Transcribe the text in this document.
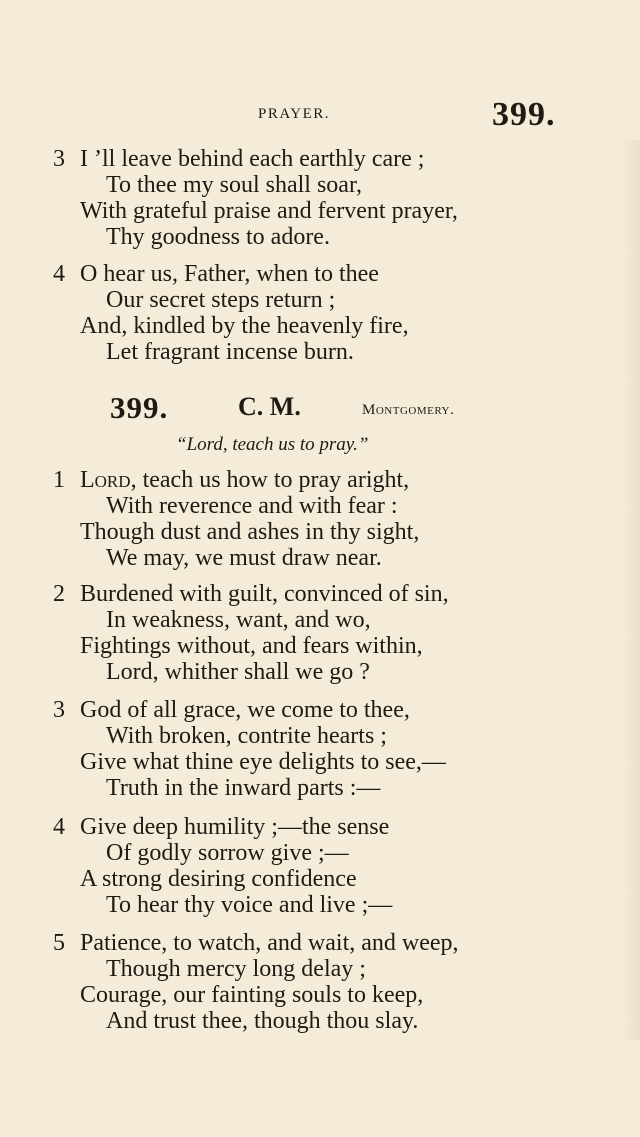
PRAYER.	399.
3 I ’ll leave behind each earthly care ;
To thee my soul shall soar,
With grateful praise and fervent prayer,
Thy goodness to adore.
4 O hear us, Father, when to thee
Our secret steps return ;
And, kindled by the heavenly fire,
Let fragrant incense burn.
399.	C. M.	Montgomery.
“Lord, teach us to pray.”
1 Lord, teach us how to pray aright,
With reverence and with fear :
Though dust and ashes in thy sight,
We may, we must draw near.
2 Burdened with guilt, convinced of sin,
In weakness, want, and wo,
Fightings without, and fears within,
Lord, whither shall we go ?
3 God of all grace, we come to thee,
With broken, contrite hearts ;
Give what thine eye delights to see,—
Truth in the inward parts :—
4 Give deep humility ;—the sense
Of godly sorrow give ;—
A strong desiring confidence
To hear thy voice and live ;—
5 Patience, to watch, and wait, and weep,
Though mercy long delay ;
Courage, our fainting souls to keep,
And trust thee, though thou slay.
